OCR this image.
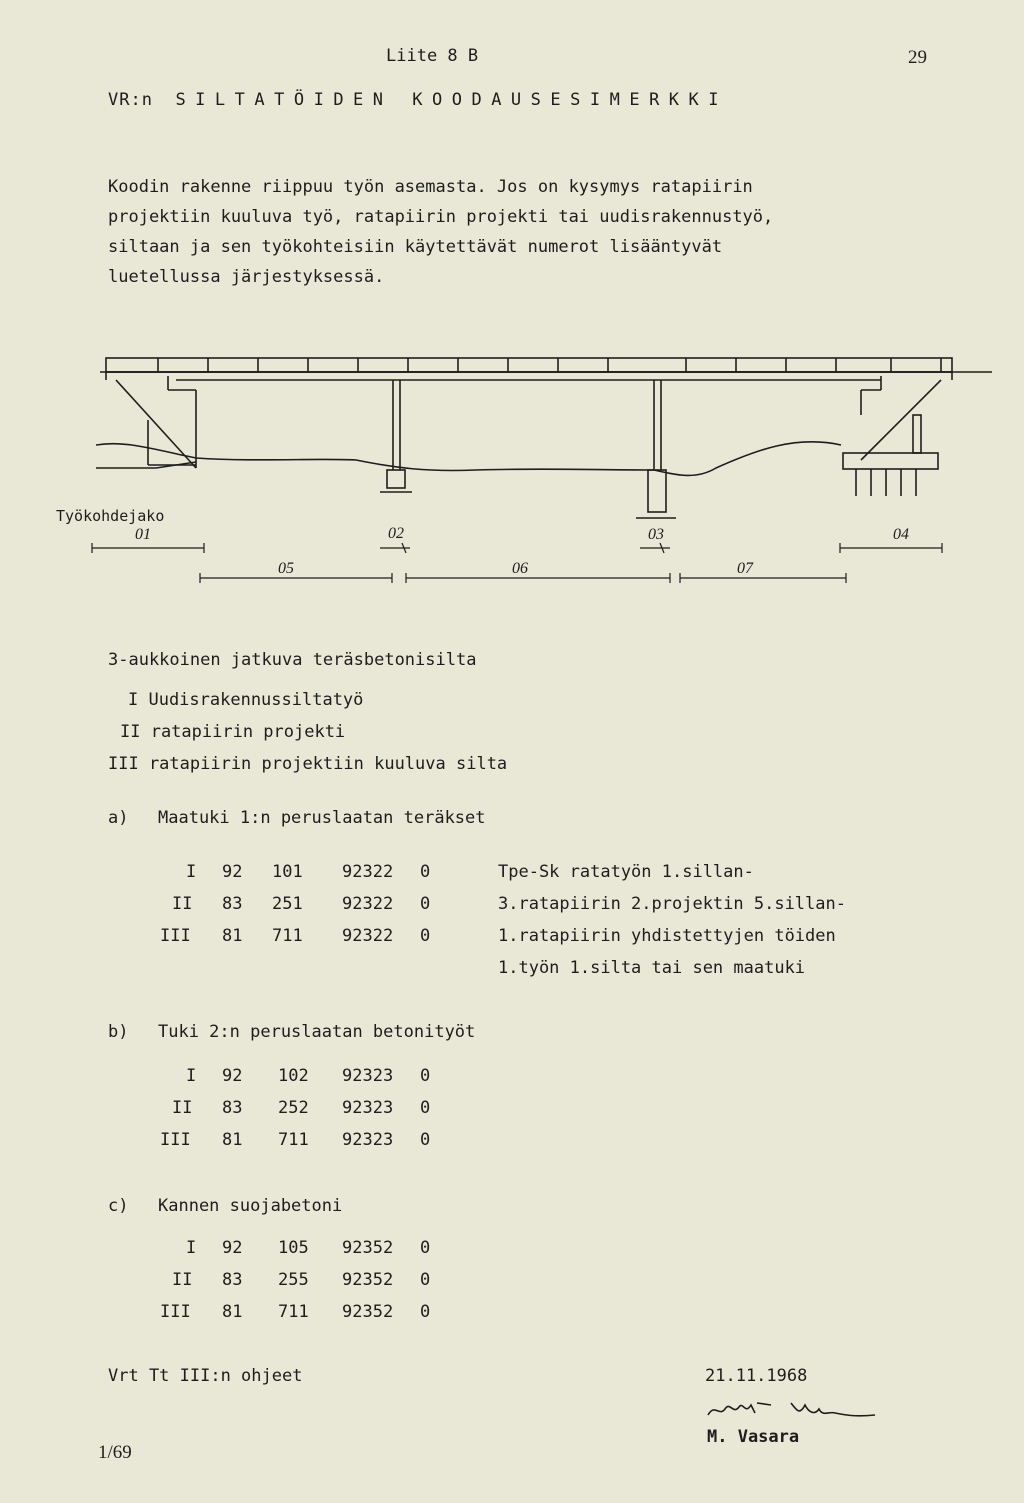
Liite 8 B	29
VR:n SILTATÖIDEN KOODAUSESIMERKKI
Koodin rakenne riippuu työn asemasta. Jos on kysymys ratapiirin
projektiin kuuluva työ, ratapiirin projekti tai uudisrakennustyö,
siltaan ja sen työkohteisiin käytettävät numerot lisääntyvät
luetellussa järjestyksessä.
Työkohdejako
01	02	03	04
05	06	07
3-aukkoinen jatkuva teräsbetonisilta
I Uudisrakennussiltatyö
II ratapiirin projekti
III ratapiirin projektiin kuuluva silta
a) Maatuki 1:n peruslaatan teräkset
I 92 101 92322 0	Tpe-Sk ratatyön 1.sillan-
II 83 251 92322 0	3.ratapiirin 2.projektin 5.sillan-
III 81 711 92322 0	1.ratapiirin yhdistettyjen töiden
1.työn 1.silta tai sen maatuki
b) Tuki 2:n peruslaatan betonityöt
I 92 102 92323 0
II 83 252 92323 0
III 81 711 92323 0
c) Kannen suojabetoni
I 92 105 92352 0
II 83 255 92352 0
III 81 711 92352 0
Vrt Tt III:n ohjeet	21.11.1968
M. Vasara
1/69
